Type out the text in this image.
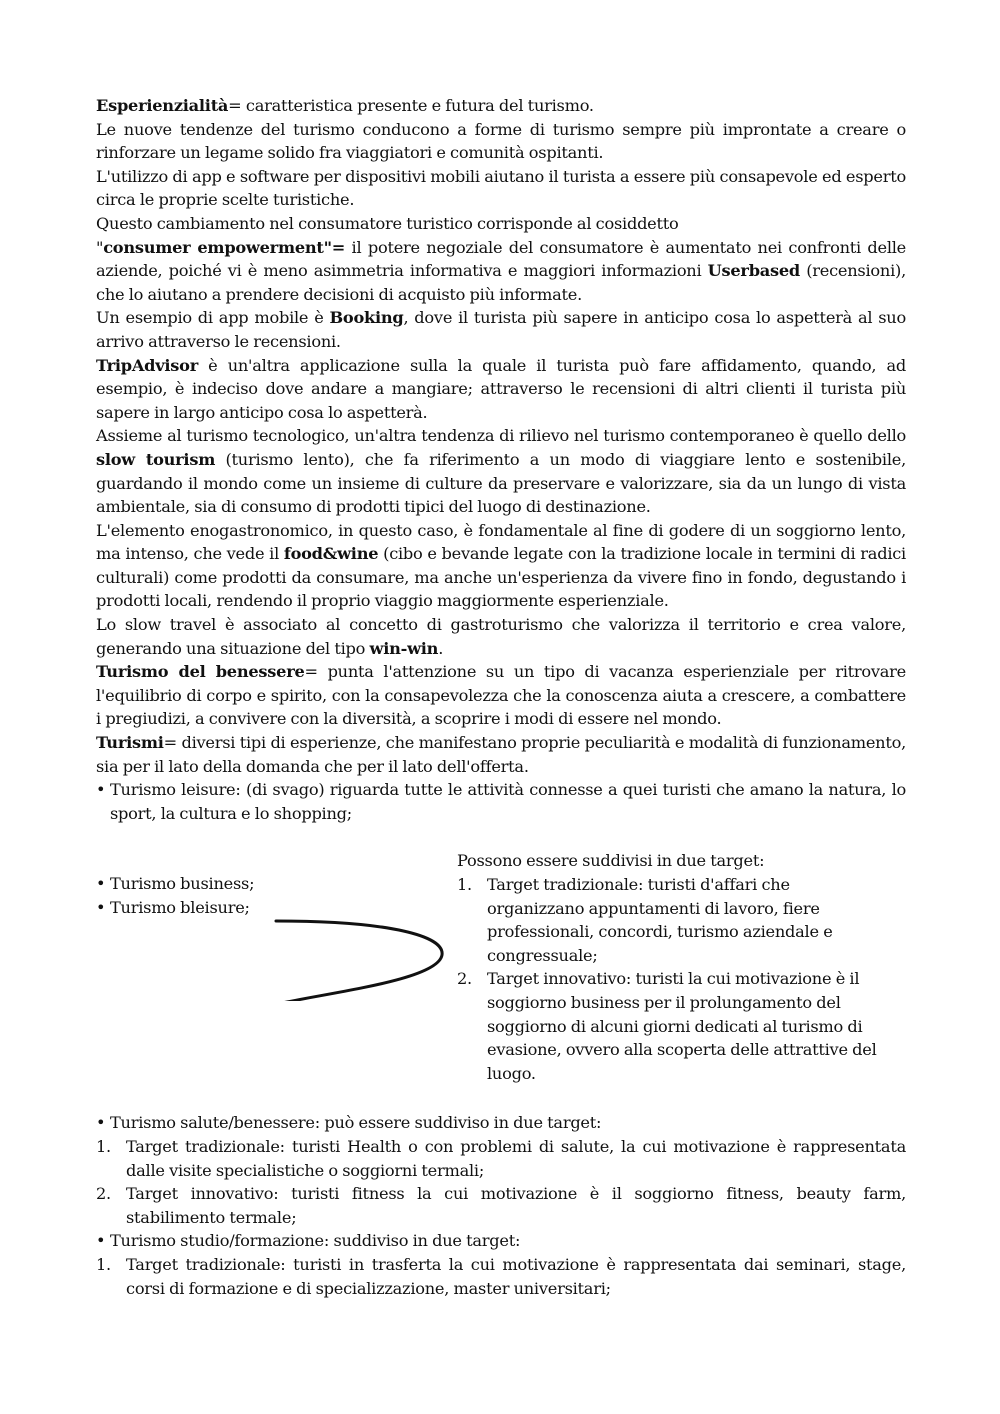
Esperienzialità= caratteristica presente e futura del turismo.

Le nuove tendenze del turismo conducono a forme di turismo sempre più improntate a creare o rinforzare un legame solido fra viaggiatori e comunità ospitanti.

L'utilizzo di app e software per dispositivi mobili aiutano il turista a essere più consapevole ed esperto circa le proprie scelte turistiche.

Questo cambiamento nel consumatore turistico corrisponde al cosiddetto

"consumer empowerment"= il potere negoziale del consumatore è aumentato nei confronti delle aziende, poiché vi è meno asimmetria informativa e maggiori informazioni Userbased (recensioni), che lo aiutano a prendere decisioni di acquisto più informate.

Un esempio di app mobile è Booking, dove il turista più sapere in anticipo cosa lo aspetterà al suo arrivo attraverso le recensioni.

TripAdvisor è un'altra applicazione sulla la quale il turista può fare affidamento, quando, ad esempio, è indeciso dove andare a mangiare; attraverso le recensioni di altri clienti il turista più sapere in largo anticipo cosa lo aspetterà.

Assieme al turismo tecnologico, un'altra tendenza di rilievo nel turismo contemporaneo è quello dello slow tourism (turismo lento), che fa riferimento a un modo di viaggiare lento e sostenibile, guardando il mondo come un insieme di culture da preservare e valorizzare, sia da un lungo di vista ambientale, sia di consumo di prodotti tipici del luogo di destinazione.

L'elemento enogastronomico, in questo caso, è fondamentale al fine di godere di un soggiorno lento, ma intenso, che vede il food&wine (cibo e bevande legate con la tradizione locale in termini di radici culturali) come prodotti da consumare, ma anche un'esperienza da vivere fino in fondo, degustando i prodotti locali, rendendo il proprio viaggio maggiormente esperienziale.

Lo slow travel è associato al concetto di gastroturismo che valorizza il territorio e crea valore, generando una situazione del tipo win-win.

Turismo del benessere= punta l'attenzione su un tipo di vacanza esperienziale per ritrovare l'equilibrio di corpo e spirito, con la consapevolezza che la conoscenza aiuta a crescere, a combattere i pregiudizi, a convivere con la diversità, a scoprire i modi di essere nel mondo.

Turismi= diversi tipi di esperienze, che manifestano proprie peculiarità e modalità di funzionamento, sia per il lato della domanda che per il lato dell'offerta.

• Turismo leisure: (di svago) riguarda tutte le attività connesse a quei turisti che amano la natura, lo sport, la cultura e lo shopping;

• Turismo business;

• Turismo bleisure;

Possono essere suddivisi in due target:

1. Target tradizionale: turisti d'affari che organizzano appuntamenti di lavoro, fiere professionali, concordi, turismo aziendale e congressuale;
2. Target innovativo: turisti la cui motivazione è il soggiorno business per il prolungamento del soggiorno di alcuni giorni dedicati al turismo di evasione, ovvero alla scoperta delle attrattive del luogo.

• Turismo salute/benessere: può essere suddiviso in due target:

1. Target tradizionale: turisti Health o con problemi di salute, la cui motivazione è rappresentata dalle visite specialistiche o soggiorni termali;
2. Target innovativo: turisti fitness la cui motivazione è il soggiorno fitness, beauty farm, stabilimento termale;

• Turismo studio/formazione: suddiviso in due target:

1. Target tradizionale: turisti in trasferta la cui motivazione è rappresentata dai seminari, stage, corsi di formazione e di specializzazione, master universitari;
